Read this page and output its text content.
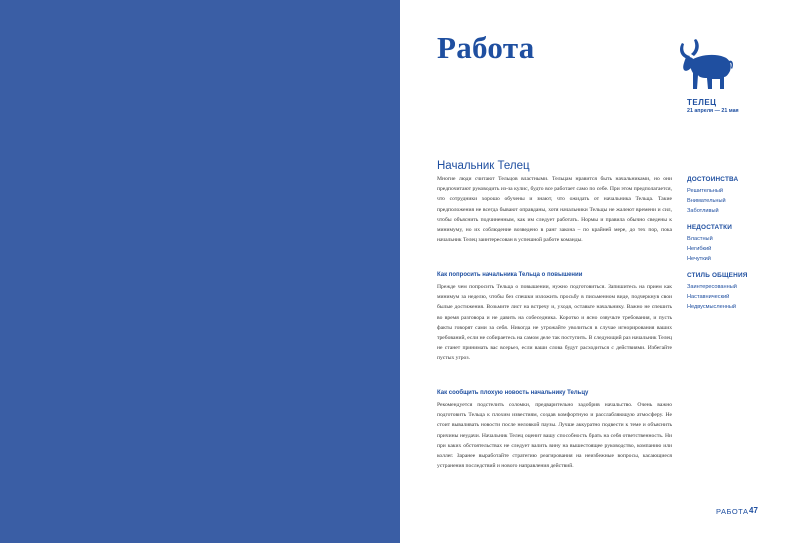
Работа
ТЕЛЕЦ
21 апреля — 21 мая
Начальник Телец

Многие люди считают Тельцов властными. Тельцам нравится быть начальниками, но они предпочитают руководить из-за кулис, будто все работает само по себе. При этом предполагается, что сотрудники хорошо обучены и знают, что ожидать от начальника Тельца. Такие предположения не всегда бывают оправданы, хотя начальники Тельцы не жалеют времени и сил, чтобы объяснить подчиненным, как им следует работать. Нормы и правила обычно сведены к минимуму, но их соблюдение возведено в ранг закона – по крайней мере, до тех пор, пока начальник Телец заинтересован в успешной работе команды.

Как попросить начальника Тельца о повышении

Прежде чем попросить Тельца о повышении, нужно подготовиться. Запишитесь на прием как минимум за неделю, чтобы без спешки изложить просьбу в письменном виде, подчеркнув свои былые достижения. Возьмите лист на встречу и, уходя, оставьте начальнику. Важно не спешить во время разговора и не давить на собеседника. Коротко и ясно озвучьте требования, и пусть факты говорят сами за себя. Никогда не угрожайте уволиться в случае игнорирования ваших требований, если не собираетесь на самом деле так поступить. В следующий раз начальник Телец не станет принимать вас всерьез, если ваши слова будут расходиться с действиями. Избегайте пустых угроз.

Как сообщить плохую новость начальнику Тельцу

Рекомендуется подстелить соломки, предварительно задобрив начальство. Очень важно подготовить Тельца к плохим известиям, создав комфортную и расслабляющую атмосферу. Не стоит вываливать новости после неловкой паузы. Лучше аккуратно подвести к теме и объяснить причины неудачи. Начальник Телец оценит вашу способность брать на себя ответственность. Ни при каких обстоятельствах не следует валить вину на вышестоящее руководство, компанию или коллег. Заранее выработайте стратегию реагирования на неизбежные вопросы, касающиеся устранения последствий и нового направления действий.

ДОСТОИНСТВА
Решительный
Внимательный
Заботливый
НЕДОСТАТКИ
Властный
Негибкий
Нечуткий
СТИЛЬ ОБЩЕНИЯ
Заинтересованный
Наставнический
Недвусмысленный
РАБОТА 47
